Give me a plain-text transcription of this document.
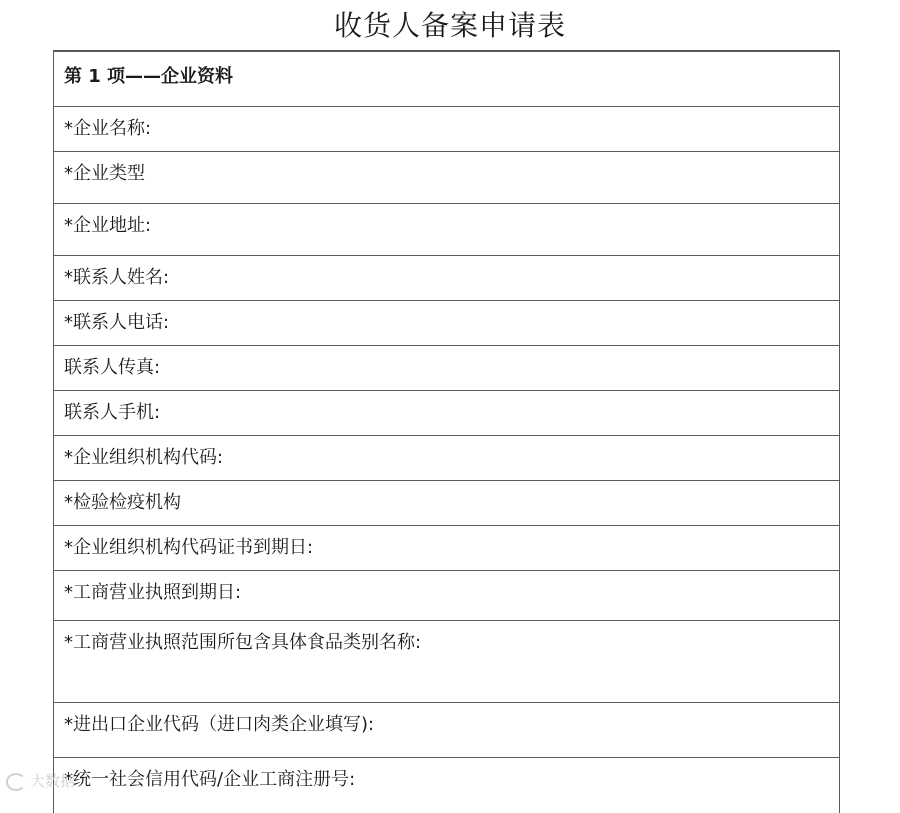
收货人备案申请表
第 1 项——企业资料
*企业名称:
*企业类型
*企业地址:
*联系人姓名:
*联系人电话:
联系人传真:
联系人手机:
*企业组织机构代码:
*检验检疫机构
*企业组织机构代码证书到期日:
*工商营业执照到期日:
*工商营业执照范围所包含具体食品类别名称:
*进出口企业代码（进口肉类企业填写):
*统一社会信用代码/企业工商注册号:
大数据
